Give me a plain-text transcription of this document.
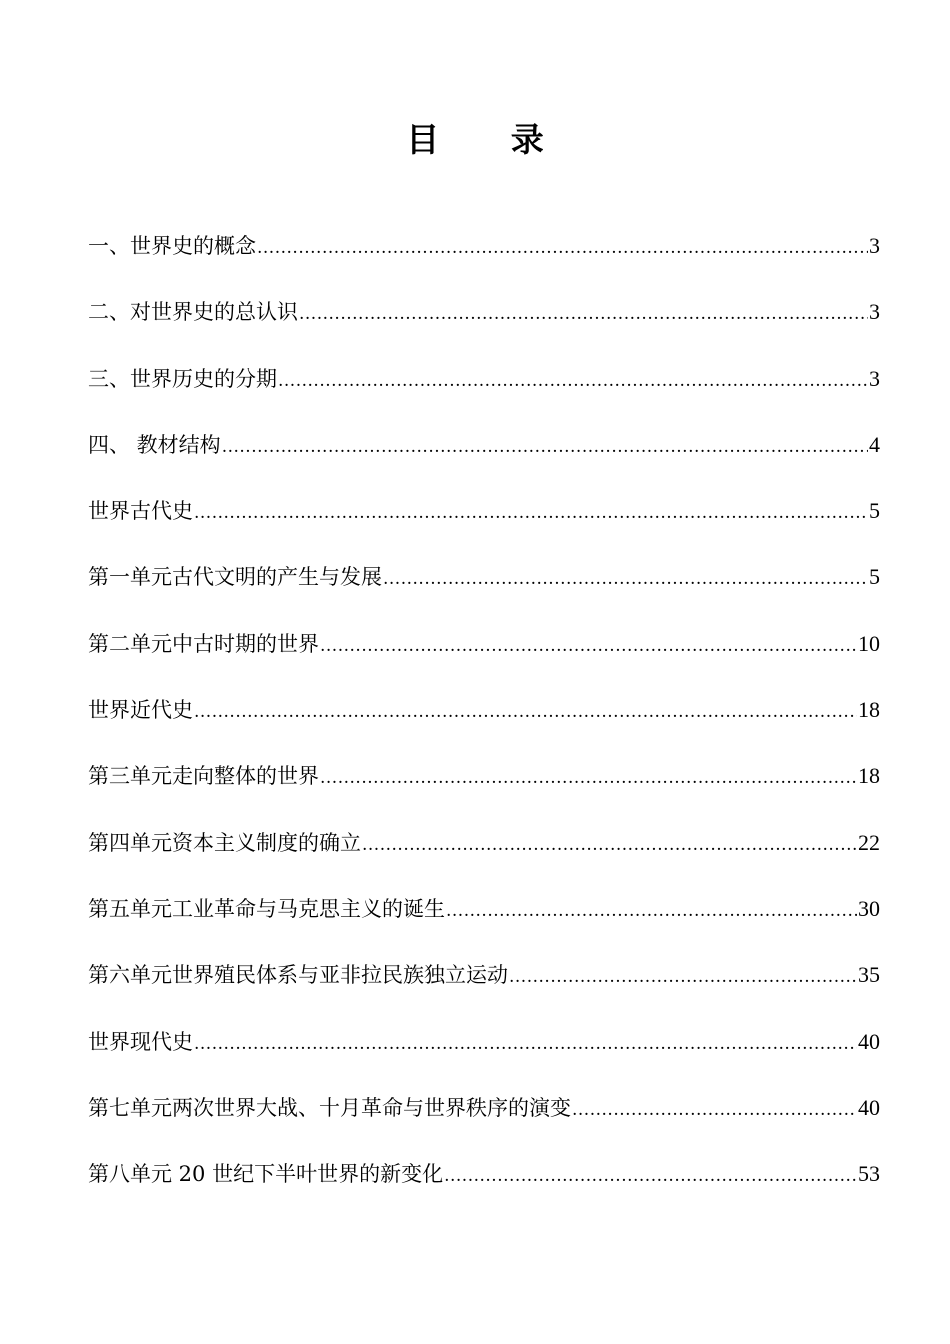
目 录
一、世界史的概念 .....	3
二、对世界史的总认识 .....	3
三、世界历史的分期 .....	3
四、 教材结构 .....	4
世界古代史 .....	5
第一单元古代文明的产生与发展 .....	5
第二单元中古时期的世界 .....	10
世界近代史 .....	18
第三单元走向整体的世界 .....	18
第四单元资本主义制度的确立 .....	22
第五单元工业革命与马克思主义的诞生 .....	30
第六单元世界殖民体系与亚非拉民族独立运动 .....	35
世界现代史 .....	40
第七单元两次世界大战、十月革命与世界秩序的演变 .....	40
第八单元 20 世纪下半叶世界的新变化 .....	53
